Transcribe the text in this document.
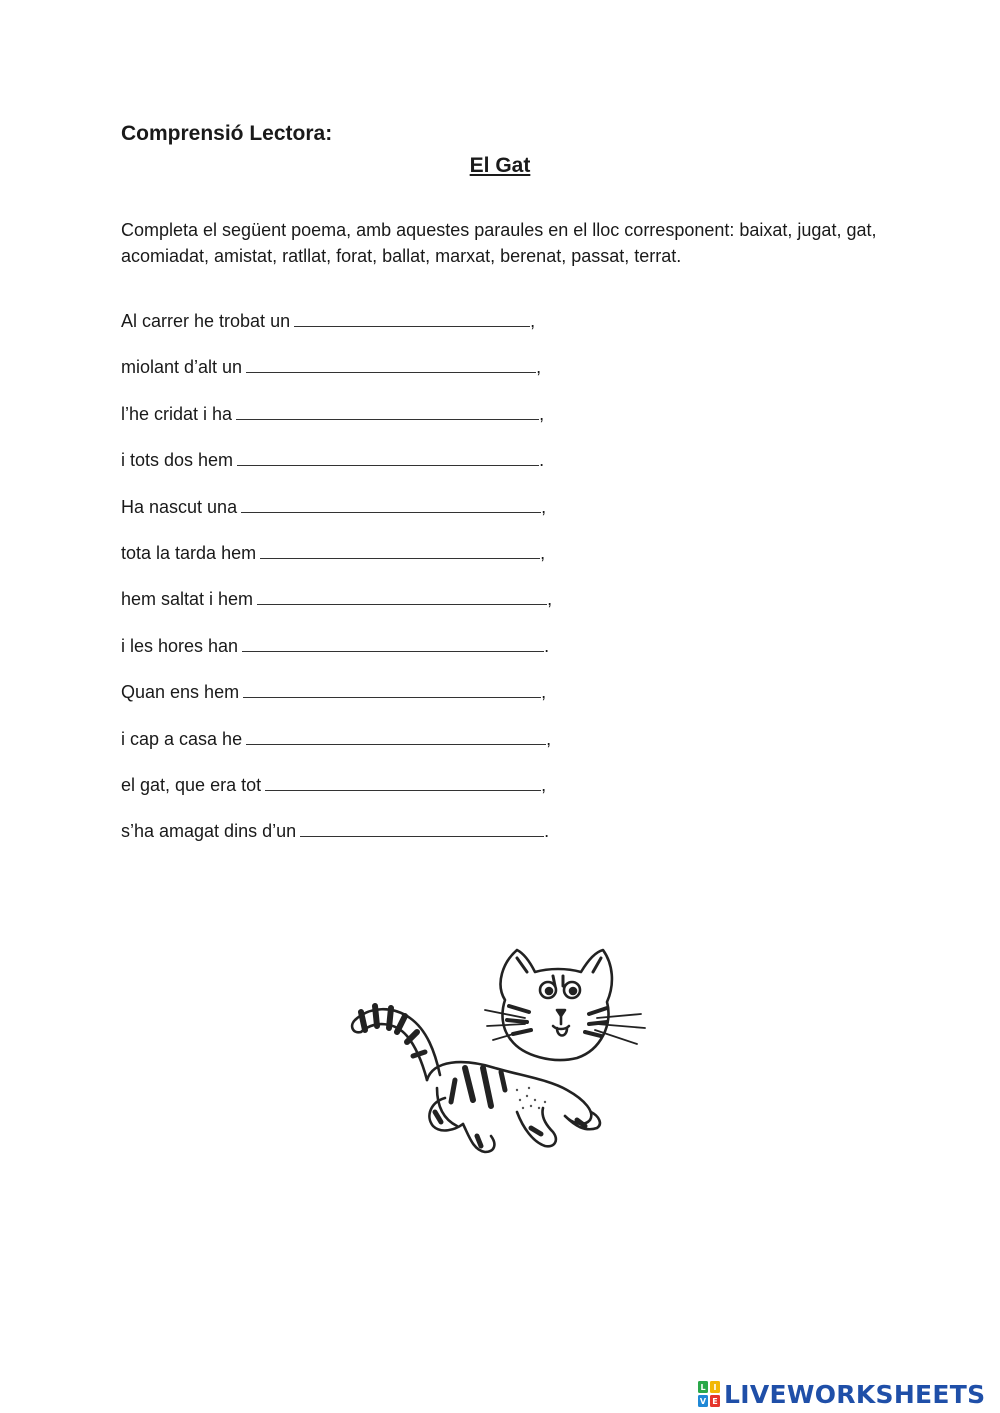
Comprensió Lectora:
El Gat

Completa el següent poema, amb aquestes paraules en el lloc corresponent: baixat, jugat, gat, acomiadat, amistat, ratllat, forat, ballat, marxat, berenat, passat, terrat.

Al carrer he trobat un	,
miolant d’alt un	,
l’he cridat i ha	,
i tots dos hem	.
Ha nascut una	,
tota la tarda hem	,
hem saltat i hem	,
i les hores han	.
Quan ens hem	,
i cap a casa he	,
el gat, que era tot	,
s’ha amagat dins d’un	.
L I
V E LIVEWORKSHEETS
